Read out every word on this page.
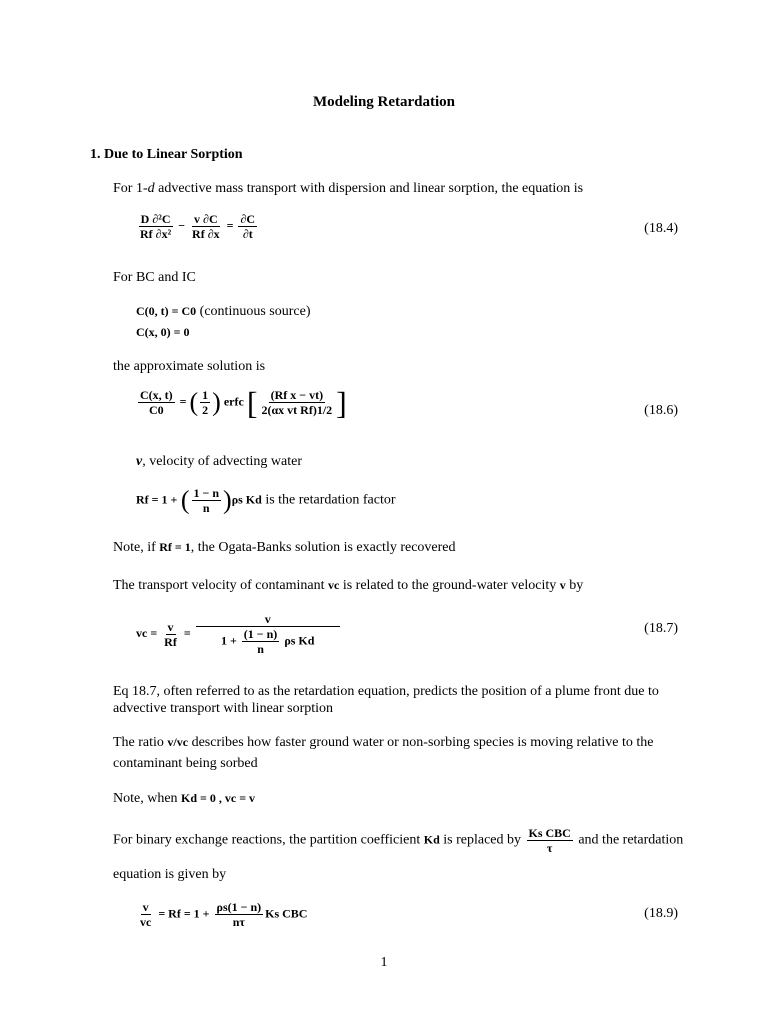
Modeling Retardation
1. Due to Linear Sorption
For 1-d advective mass transport with dispersion and linear sorption, the equation is
$\frac{\text{D ∂²C}}{\text{Rf ∂x²}} - \frac{v \partial C}{Rf \partial x} = \frac{\partial C}{\partial t}$	(18.4)
For BC and IC
C(0, t) = C0 (continuous source)
C(x, 0) = 0
the approximate solution is
$\frac{C(x, t)}{C0}$ = ( $\frac{1}{2}$ ) erfc [ $\frac{\text{(Rf x − vt)}}{\text{2(αx vt Rf)1/2}}$ ]	(18.6)
v, velocity of advecting water
Rf = 1 + ( $\frac{1 - n}{n} )\rho s$ Kd is the retardation factor
Note, if Rf = 1, the Ogata-Banks solution is exactly recovered
The transport velocity of contaminant vc is related to the ground-water velocity v by
vc = $\frac{v}{Rf}$ =
v
$1 + \frac{(1 - n)}{n}$ ρs Kd
(18.7)
Eq 18.7, often referred to as the retardation equation, predicts the position of a plume front due to advective transport with linear sorption
The ratio v/vc describes how faster ground water or non-sorbing species is moving relative to the
contaminant being sorbed
Note, when Kd = 0 , vc = v
For binary exchange reactions, the partition coefficient Kd is replaced by $\frac{\text{Ks CBC}}{\tau}$ and the retardation
equation is given by
$\frac{v}{vc} = Rf = 1 + \frac{\rho s(1 - n)}{n\tau}$ Ks CBC	(18.9)
1
